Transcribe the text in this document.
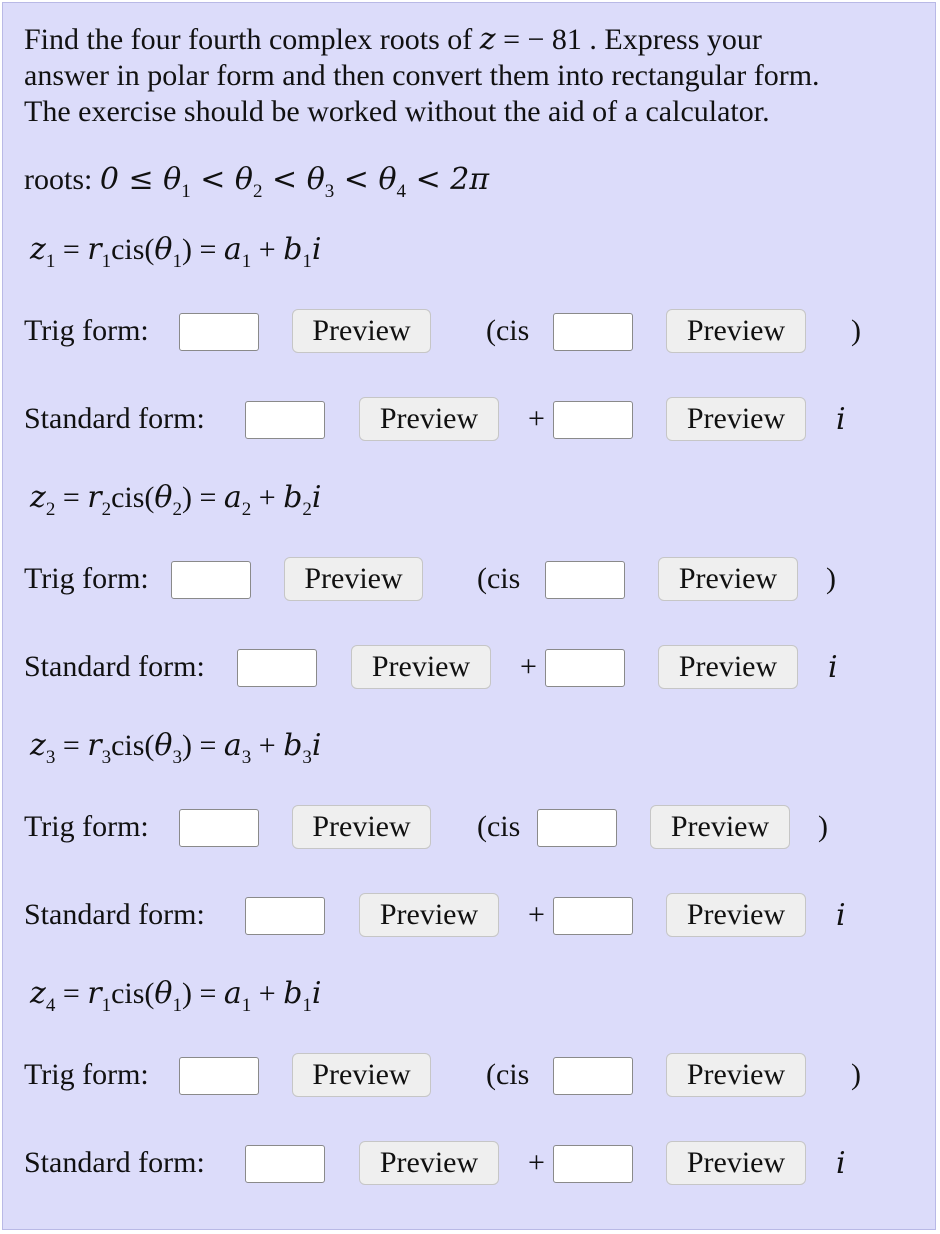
Find the four fourth complex roots of z = − 81 . Express your
answer in polar form and then convert them into rectangular form.
The exercise should be worked without the aid of a calculator.
roots: $0 \le \theta_1 < \theta_2 < \theta_3 < \theta_4 < 2\pi$
$z_1 = r_1cis(\theta_1) = a_1 + b_1i$
Trig form:	Preview	(cis	Preview	)
Standard form:	Preview	+	Preview	i
$z_2 = r_2cis(\theta_2) = a_2 + b_2i$
Trig form:	Preview	(cis	Preview	)
Standard form:	Preview	+	Preview	i
$z_3 = r_3cis(\theta_3) = a_3 + b_3i$
Trig form:	Preview	(cis	Preview	)
Standard form:	Preview	+	Preview	i
$z_4 = r_1cis(\theta_1) = a_1 + b_1i$
Trig form:	Preview	(cis	Preview	)
Standard form:	Preview	+	Preview	i
